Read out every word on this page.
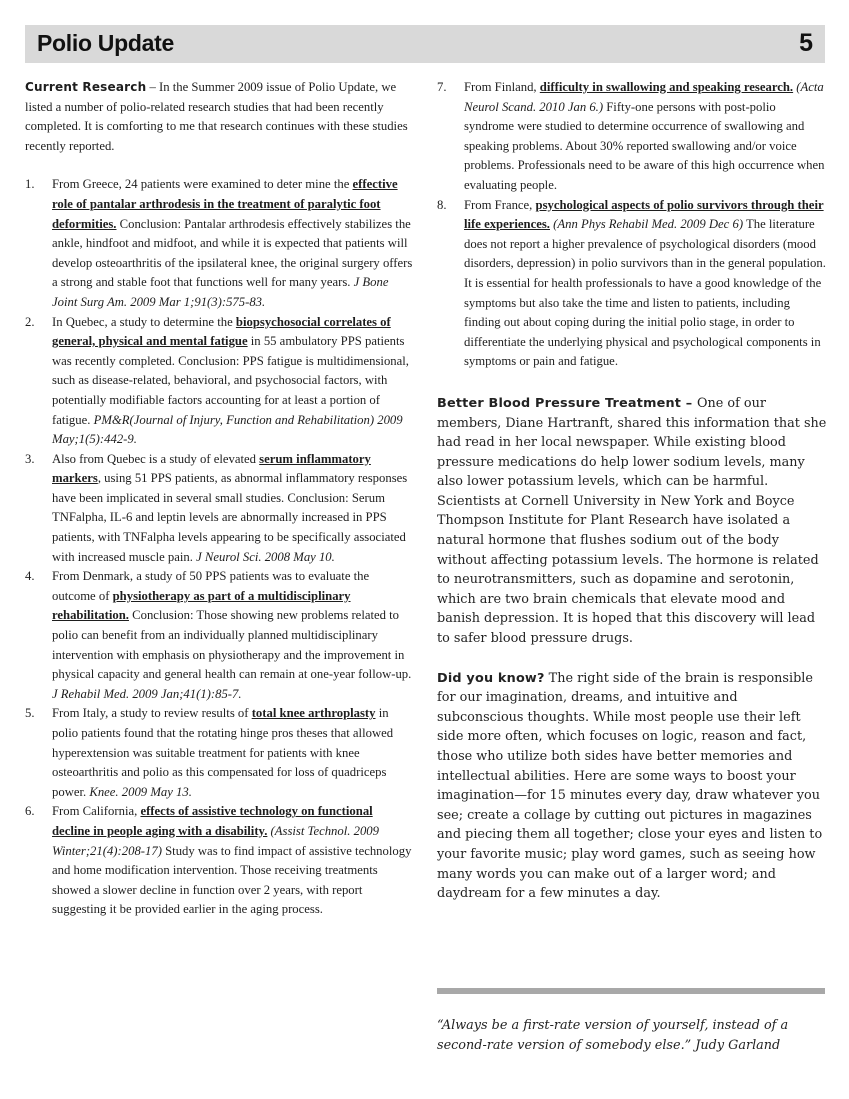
Polio Update	5

Current Research – In the Summer 2009 issue of Polio Update, we listed a number of polio-related research studies that had been recently completed. It is comforting to me that research continues with these studies recently reported.

1. From Greece, 24 patients were examined to deter mine the effective role of pantalar arthrodesis in the treatment of paralytic foot deformities. Conclusion: Pantalar arthrodesis effectively stabilizes the ankle, hindfoot and midfoot, and while it is expected that patients will develop osteoarthritis of the ipsilateral knee, the original surgery offers a strong and stable foot that functions well for many years. J Bone Joint Surg Am. 2009 Mar 1;91(3):575-83.
2. In Quebec, a study to determine the biopsychosocial correlates of general, physical and mental fatigue in 55 ambulatory PPS patients was recently completed. Conclusion: PPS fatigue is multidimensional, such as disease-related, behavioral, and psychosocial factors, with potentially modifiable factors accounting for at least a portion of fatigue. PM&R(Journal of Injury, Function and Rehabilitation) 2009 May;1(5):442-9.
3. Also from Quebec is a study of elevated serum inflammatory markers, using 51 PPS patients, as abnormal inflammatory responses have been implicated in several small studies. Conclusion: Serum TNFalpha, IL-6 and leptin levels are abnormally increased in PPS patients, with TNFalpha levels appearing to be specifically associated with increased muscle pain. J Neurol Sci. 2008 May 10.
4. From Denmark, a study of 50 PPS patients was to evaluate the outcome of physiotherapy as part of a multidisciplinary rehabilitation. Conclusion: Those showing new problems related to polio can benefit from an individually planned multidisciplinary intervention with emphasis on physiotherapy and the improvement in physical capacity and general health can remain at one-year follow-up. J Rehabil Med. 2009 Jan;41(1):85-7.
5. From Italy, a study to review results of total knee arthroplasty in polio patients found that the rotating hinge pros theses that allowed hyperextension was suitable treatment for patients with knee osteoarthritis and polio as this compensated for loss of quadriceps power. Knee. 2009 May 13.
6. From California, effects of assistive technology on functional decline in people aging with a disability. (Assist Technol. 2009 Winter;21(4):208-17) Study was to find impact of assistive technology and home modification intervention. Those receiving treatments showed a slower decline in function over 2 years, with report suggesting it be provided earlier in the aging process.
7. From Finland, difficulty in swallowing and speaking research. (Acta Neurol Scand. 2010 Jan 6.) Fifty-one persons with post-polio syndrome were studied to determine occurrence of swallowing and speaking problems. About 30% reported swallowing and/or voice problems. Professionals need to be aware of this high occurrence when evaluating people.
8. From France, psychological aspects of polio survivors through their life experiences. (Ann Phys Rehabil Med. 2009 Dec 6) The literature does not report a higher prevalence of psychological disorders (mood disorders, depression) in polio survivors than in the general population. It is essential for health professionals to have a good knowledge of the symptoms but also take the time and listen to patients, including finding out about coping during the initial polio stage, in order to differentiate the underlying physical and psychological components in symptoms or pain and fatigue.

Better Blood Pressure Treatment – One of our members, Diane Hartranft, shared this information that she had read in her local newspaper. While existing blood pressure medications do help lower sodium levels, many also lower potassium levels, which can be harmful. Scientists at Cornell University in New York and Boyce Thompson Institute for Plant Research have isolated a natural hormone that flushes sodium out of the body without affecting potassium levels. The hormone is related to neurotransmitters, such as dopamine and serotonin, which are two brain chemicals that elevate mood and banish depression. It is hoped that this discovery will lead to safer blood pressure drugs.

Did you know? The right side of the brain is responsible for our imagination, dreams, and intuitive and subconscious thoughts. While most people use their left side more often, which focuses on logic, reason and fact, those who utilize both sides have better memories and intellectual abilities. Here are some ways to boost your imagination—for 15 minutes every day, draw whatever you see; create a collage by cutting out pictures in magazines and piecing them all together; close your eyes and listen to your favorite music; play word games, such as seeing how many words you can make out of a larger word; and daydream for a few minutes a day.

“Always be a first-rate version of yourself, instead of a second-rate version of somebody else.” Judy Garland
